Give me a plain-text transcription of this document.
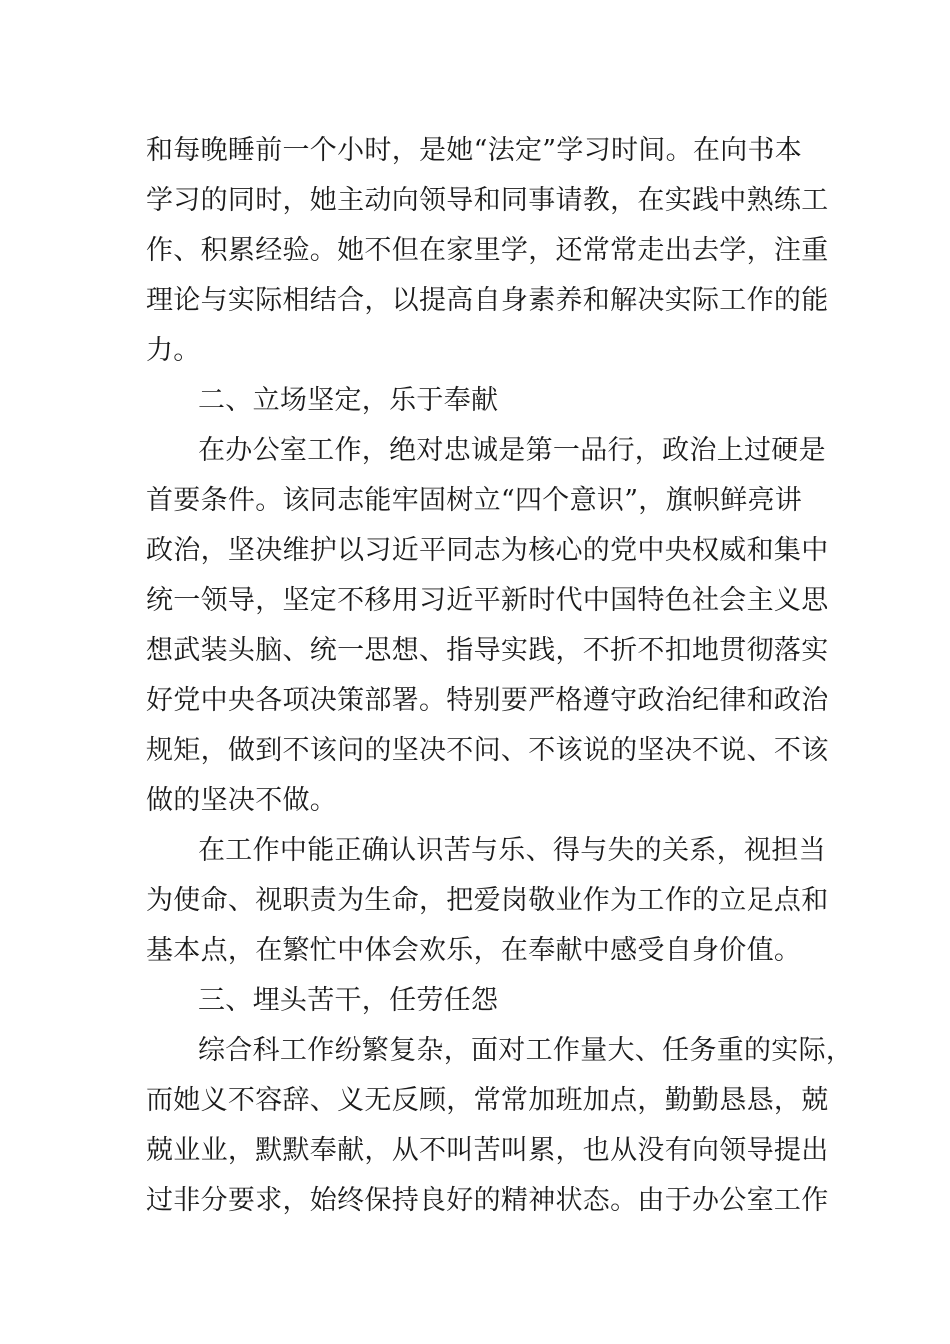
和每晚睡前一个小时，是她“法定”学习时间。在向书本
学习的同时，她主动向领导和同事请教，在实践中熟练工
作、积累经验。她不但在家里学，还常常走出去学，注重
理论与实际相结合，以提高自身素养和解决实际工作的能
力。
二、立场坚定，乐于奉献
在办公室工作，绝对忠诚是第一品行，政治上过硬是
首要条件。该同志能牢固树立“四个意识”，旗帜鲜亮讲
政治，坚决维护以习近平同志为核心的党中央权威和集中
统一领导，坚定不移用习近平新时代中国特色社会主义思
想武装头脑、统一思想、指导实践，不折不扣地贯彻落实
好党中央各项决策部署。特别要严格遵守政治纪律和政治
规矩，做到不该问的坚决不问、不该说的坚决不说、不该
做的坚决不做。
在工作中能正确认识苦与乐、得与失的关系，视担当
为使命、视职责为生命，把爱岗敬业作为工作的立足点和
基本点，在繁忙中体会欢乐，在奉献中感受自身价值。
三、埋头苦干，任劳任怨
综合科工作纷繁复杂，面对工作量大、任务重的实际，
而她义不容辞、义无反顾，常常加班加点，勤勤恳恳，兢
兢业业，默默奉献，从不叫苦叫累，也从没有向领导提出
过非分要求，始终保持良好的精神状态。由于办公室工作
